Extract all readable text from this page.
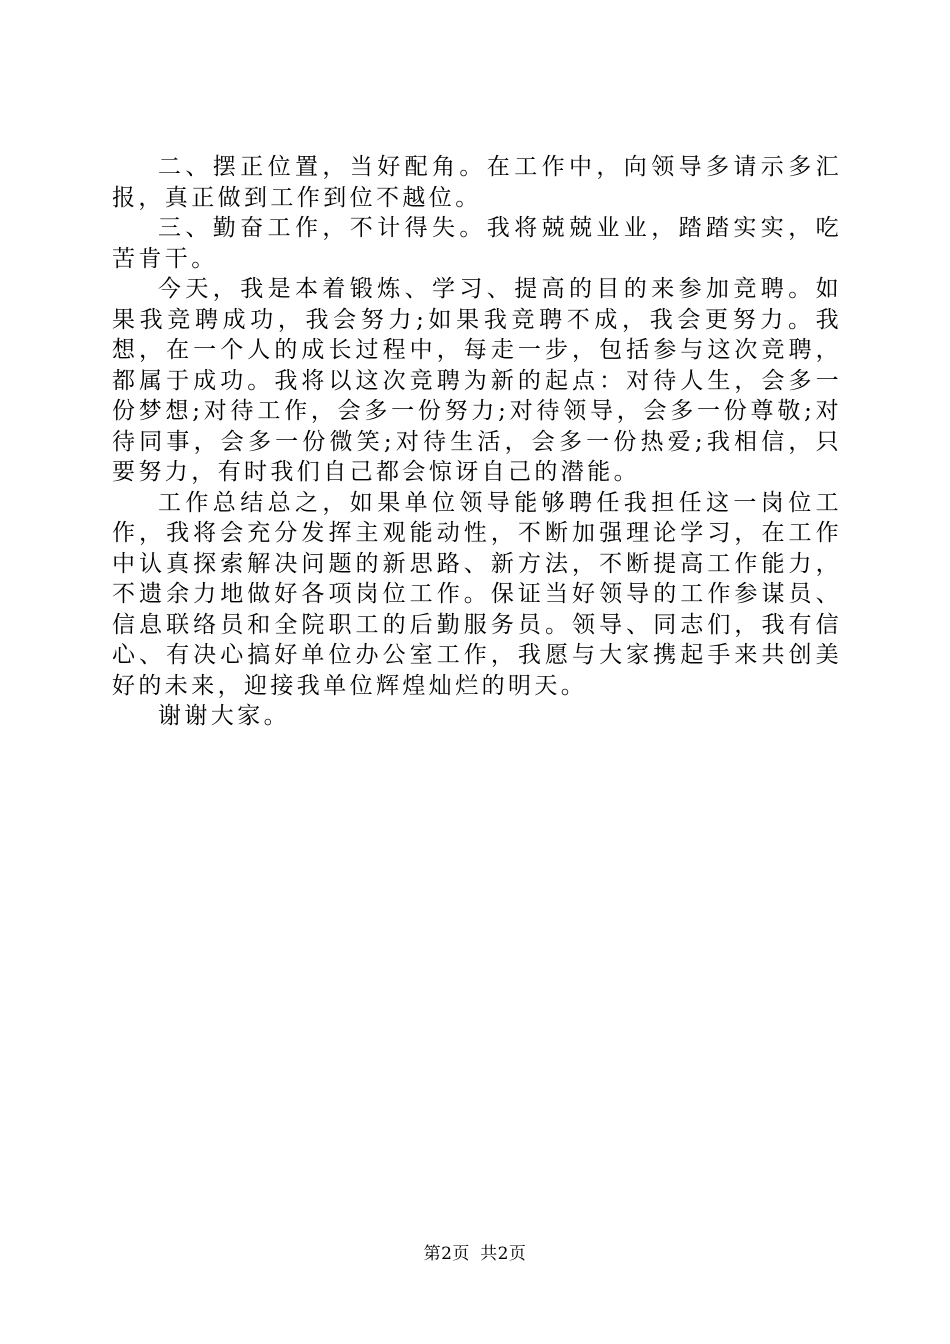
二、摆正位置，当好配角。在工作中，向领导多请示多汇报，真正做到工作到位不越位。

三、勤奋工作，不计得失。我将兢兢业业，踏踏实实，吃苦肯干。

今天，我是本着锻炼、学习、提高的目的来参加竞聘。如果我竞聘成功，我会努力;如果我竞聘不成，我会更努力。我想，在一个人的成长过程中，每走一步，包括参与这次竞聘，都属于成功。我将以这次竞聘为新的起点：对待人生，会多一份梦想;对待工作，会多一份努力;对待领导，会多一份尊敬;对待同事，会多一份微笑;对待生活，会多一份热爱;我相信，只要努力，有时我们自己都会惊讶自己的潜能。

工作总结总之，如果单位领导能够聘任我担任这一岗位工作，我将会充分发挥主观能动性，不断加强理论学习，在工作中认真探索解决问题的新思路、新方法，不断提高工作能力，不遗余力地做好各项岗位工作。保证当好领导的工作参谋员、信息联络员和全院职工的后勤服务员。领导、同志们，我有信心、有决心搞好单位办公室工作，我愿与大家携起手来共创美好的未来，迎接我单位辉煌灿烂的明天。

谢谢大家。

第2页 共2页
